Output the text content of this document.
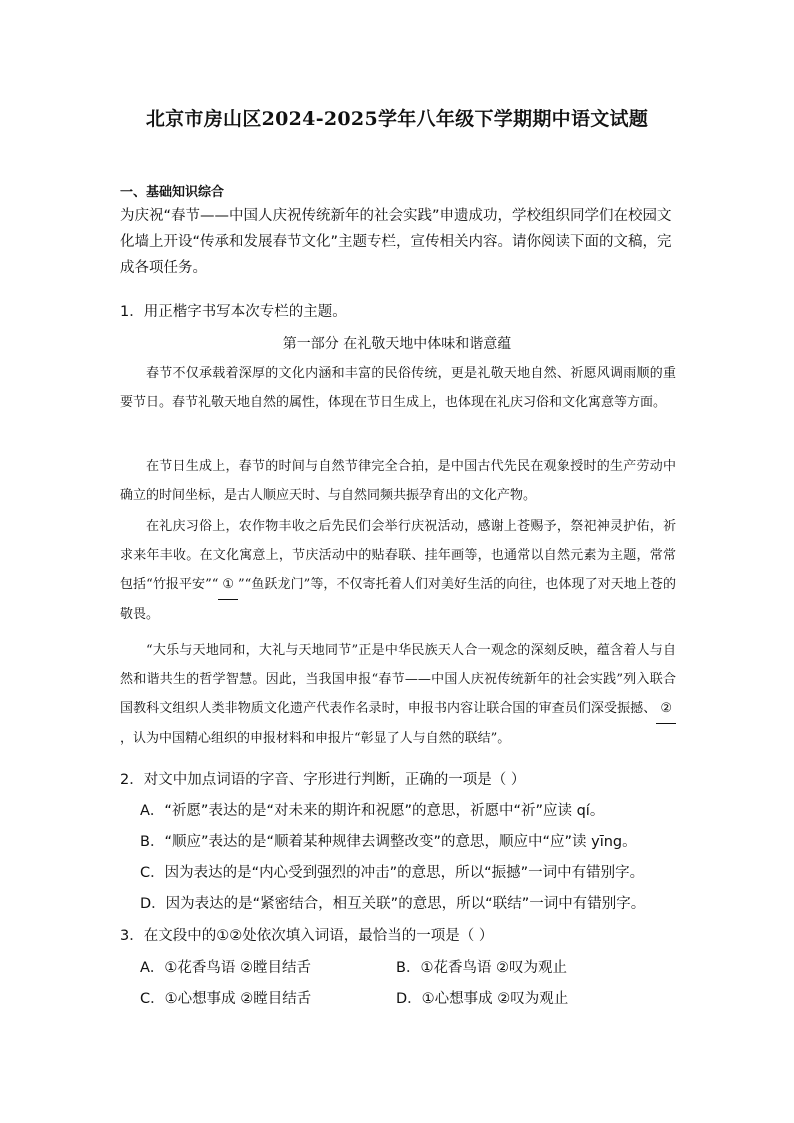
北京市房山区2024-2025学年八年级下学期期中语文试题
一、基础知识综合
为庆祝“春节——中国人庆祝传统新年的社会实践”申遗成功，学校组织同学们在校园文化墙上开设“传承和发展春节文化”主题专栏，宣传相关内容。请你阅读下面的文稿，完成各项任务。
1．用正楷字书写本次专栏的主题。
第一部分 在礼敬天地中体味和谐意蕴
春节不仅承载着深厚的文化内涵和丰富的民俗传统，更是礼敬天地自然、祈愿风调雨顺的重要节日。春节礼敬天地自然的属性，体现在节日生成上，也体现在礼庆习俗和文化寓意等方面。
在节日生成上，春节的时间与自然节律完全合拍，是中国古代先民在观象授时的生产劳动中确立的时间坐标，是古人顺应天时、与自然同频共振孕育出的文化产物。
在礼庆习俗上，农作物丰收之后先民们会举行庆祝活动，感谢上苍赐予，祭祀神灵护佑，祈求来年丰收。在文化寓意上，节庆活动中的贴春联、挂年画等，也通常以自然元素为主题，常常包括“竹报平安”“ ① ”“鱼跃龙门”等，不仅寄托着人们对美好生活的向往，也体现了对天地上苍的敬畏。
“大乐与天地同和，大礼与天地同节”正是中华民族天人合一观念的深刻反映，蕴含着人与自然和谐共生的哲学智慧。因此，当我国申报“春节——中国人庆祝传统新年的社会实践”列入联合国教科文组织人类非物质文化遗产代表作名录时，申报书内容让联合国的审查员们深受振撼、 ②，认为中国精心组织的申报材料和申报片“彰显了人与自然的联结”。
2．对文中加点词语的字音、字形进行判断，正确的一项是（ ）
A．“祈愿”表达的是“对未来的期许和祝愿”的意思，祈愿中“祈”应读 qí。
B．“顺应”表达的是“顺着某种规律去调整改变”的意思，顺应中“应”读 yīng。
C．因为表达的是“内心受到强烈的冲击”的意思，所以“振撼”一词中有错别字。
D．因为表达的是“紧密结合，相互关联”的意思，所以“联结”一词中有错别字。
3．在文段中的①②处依次填入词语，最恰当的一项是（ ）
A．①花香鸟语 ②瞠目结舌	B．①花香鸟语 ②叹为观止
C．①心想事成 ②瞠目结舌	D．①心想事成 ②叹为观止
